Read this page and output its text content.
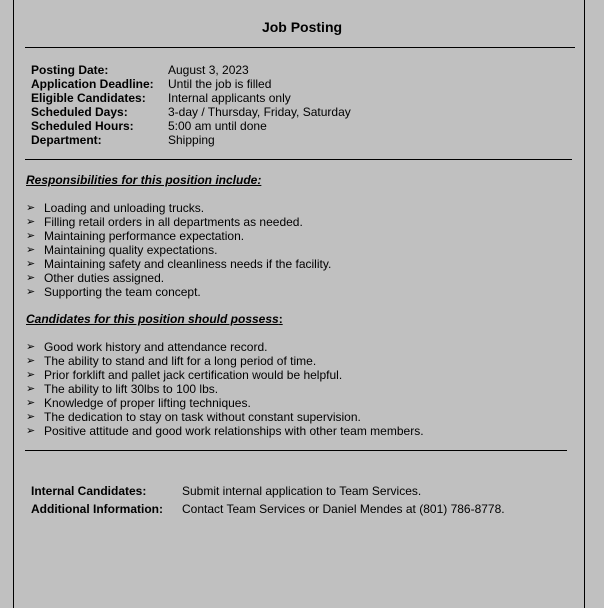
Job Posting
Posting Date:	August 3, 2023
Application Deadline: Until the job is filled
Eligible Candidates: Internal applicants only
Scheduled Days:	3-day / Thursday, Friday, Saturday
Scheduled Hours:	5:00 am until done
Department:	Shipping
Responsibilities for this position include:
➢ Loading and unloading trucks.
➢ Filling retail orders in all departments as needed.
➢ Maintaining performance expectation.
➢ Maintaining quality expectations.
➢ Maintaining safety and cleanliness needs if the facility.
➢ Other duties assigned.
➢ Supporting the team concept.
Candidates for this position should possess:
➢ Good work history and attendance record.
➢ The ability to stand and lift for a long period of time.
➢ Prior forklift and pallet jack certification would be helpful.
➢ The ability to lift 30lbs to 100 lbs.
➢ Knowledge of proper lifting techniques.
➢ The dedication to stay on task without constant supervision.
➢ Positive attitude and good work relationships with other team members.
Internal Candidates:	Submit internal application to Team Services.
Additional Information: Contact Team Services or Daniel Mendes at (801) 786-8778.
